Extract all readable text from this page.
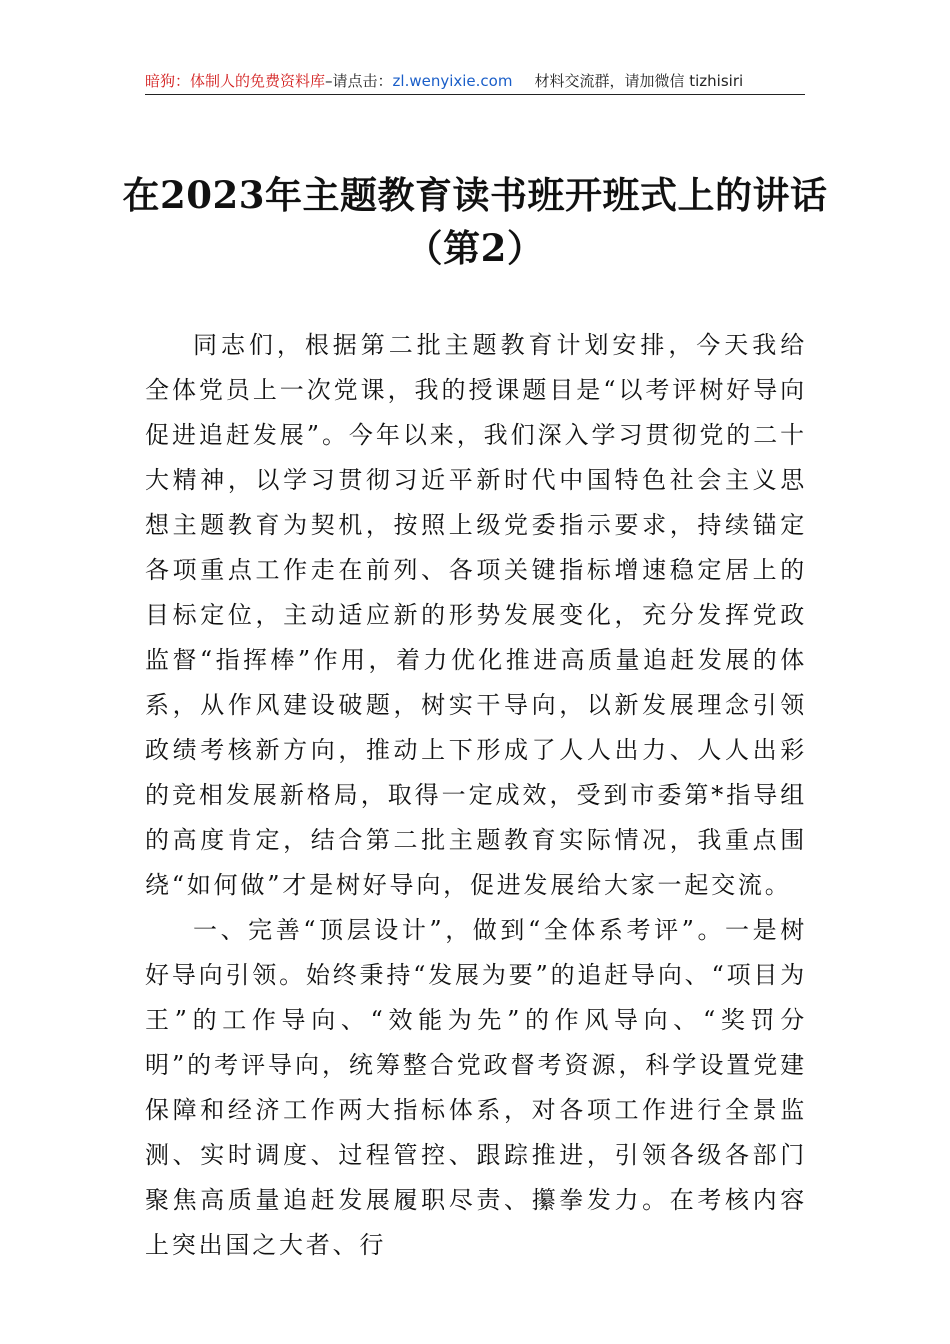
暗狗：体制人的免费资料库–请点击：zl.wenyixie.com 材料交流群，请加微信 tizhisiri
在2023年主题教育读书班开班式上的讲话
（第2）

同志们，根据第二批主题教育计划安排，今天我给全体党员上一次党课，我的授课题目是“以考评树好导向促进追赶发展”。今年以来，我们深入学习贯彻党的二十大精神，以学习贯彻习近平新时代中国特色社会主义思想主题教育为契机，按照上级党委指示要求，持续锚定各项重点工作走在前列、各项关键指标增速稳定居上的目标定位，主动适应新的形势发展变化，充分发挥党政监督“指挥棒”作用，着力优化推进高质量追赶发展的体系，从作风建设破题，树实干导向，以新发展理念引领政绩考核新方向，推动上下形成了人人出力、人人出彩的竞相发展新格局，取得一定成效，受到市委第*指导组的高度肯定，结合第二批主题教育实际情况，我重点围绕“如何做”才是树好导向，促进发展给大家一起交流。

一、完善“顶层设计”，做到“全体系考评”。一是树好导向引领。始终秉持“发展为要”的追赶导向、“项目为王”的工作导向、“效能为先”的作风导向、“奖罚分明”的考评导向，统筹整合党政督考资源，科学设置党建保障和经济工作两大指标体系，对各项工作进行全景监测、实时调度、过程管控、跟踪推进，引领各级各部门聚焦高质量追赶发展履职尽责、攥拳发力。在考核内容上突出国之大者、行
